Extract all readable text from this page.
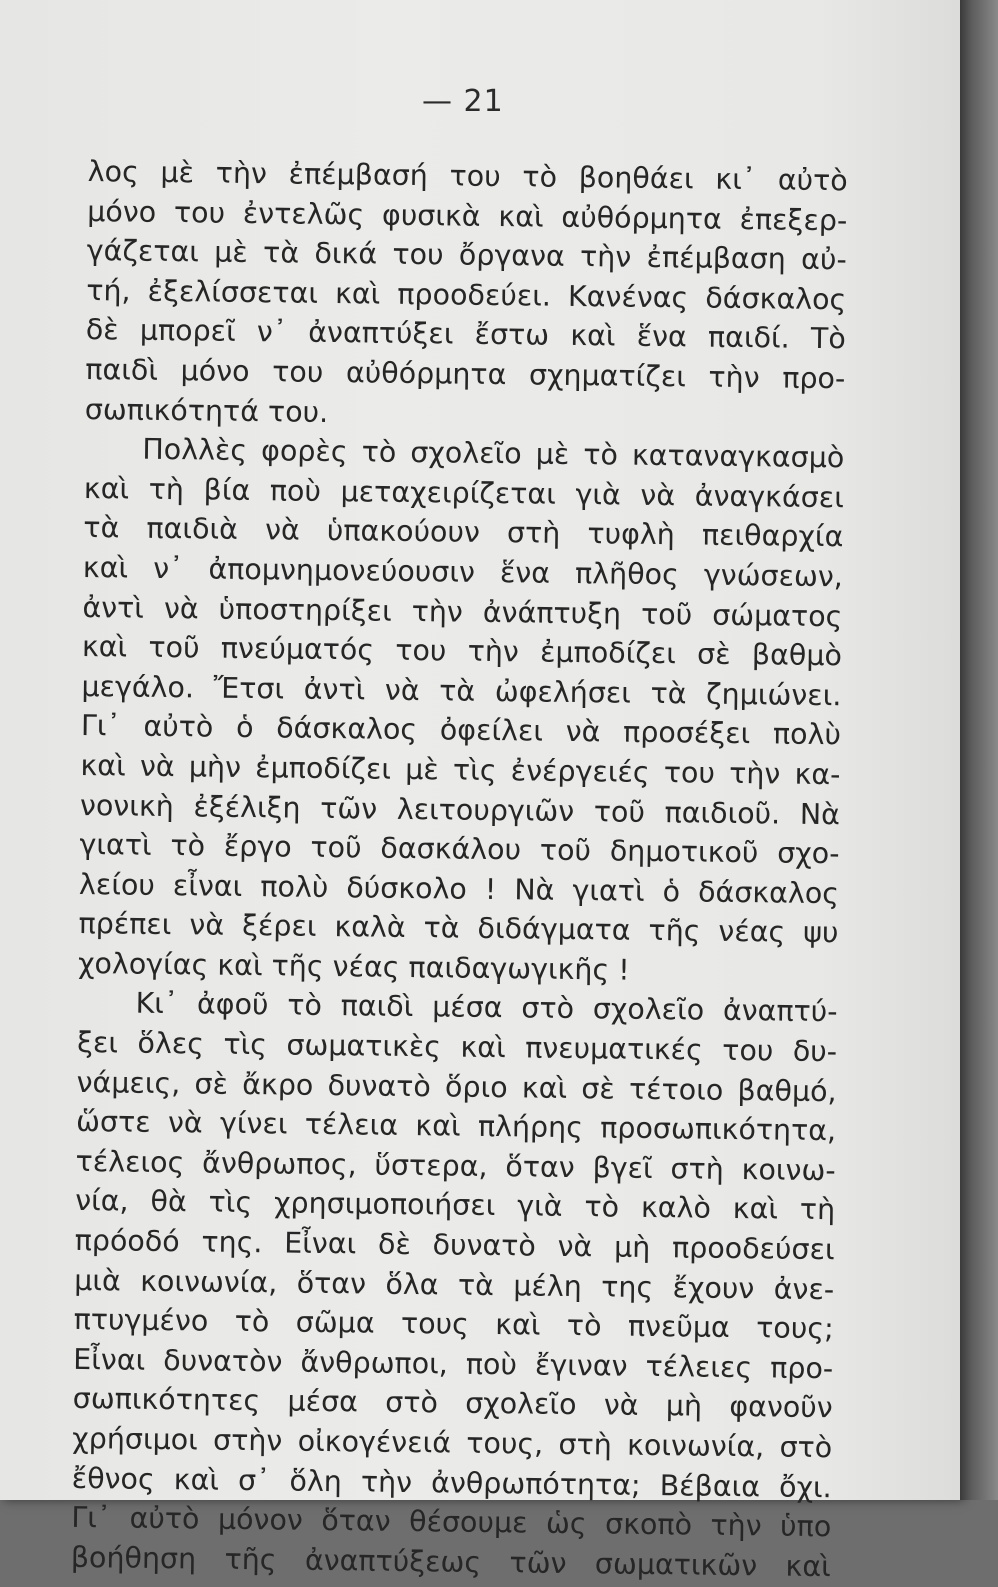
— 21
λος μὲ τὴν ἐπέμβασή του τὸ βοηθάει κι᾿ αὐτὸ
μόνο του ἐντελῶς φυσικὰ καὶ αὐθόρμητα ἐπεξερ-
γάζεται μὲ τὰ δικά του ὄργανα τὴν ἐπέμβαση αὐ-
τή, ἐξελίσσεται καὶ προοδεύει. Κανένας δάσκαλος
δὲ μπορεῖ ν᾿ ἀναπτύξει ἔστω καὶ ἕνα παιδί. Τὸ
παιδὶ μόνο του αὐθόρμητα σχηματίζει τὴν προ-
σωπικότητά του.
Πολλὲς φορὲς τὸ σχολεῖο μὲ τὸ καταναγκασμὸ
καὶ τὴ βία ποὺ μεταχειρίζεται γιὰ νὰ ἀναγκάσει
τὰ παιδιὰ νὰ ὑπακούουν στὴ τυφλὴ πειθαρχία
καὶ ν᾿ ἀπομνημονεύουσιν ἕνα πλῆθος γνώσεων,
ἀντὶ νὰ ὑποστηρίξει τὴν ἀνάπτυξη τοῦ σώματος
καὶ τοῦ πνεύματός του τὴν ἐμποδίζει σὲ βαθμὸ
μεγάλο. Ἔτσι ἀντὶ νὰ τὰ ὠφελήσει τὰ ζημιώνει.
Γι᾿ αὐτὸ ὁ δάσκαλος ὀφείλει νὰ προσέξει πολὺ
καὶ νὰ μὴν ἐμποδίζει μὲ τὶς ἐνέργειές του τὴν κα-
νονικὴ ἐξέλιξη τῶν λειτουργιῶν τοῦ παιδιοῦ. Νὰ
γιατὶ τὸ ἔργο τοῦ δασκάλου τοῦ δημοτικοῦ σχο-
λείου εἶναι πολὺ δύσκολο ! Νὰ γιατὶ ὁ δάσκαλος
πρέπει νὰ ξέρει καλὰ τὰ διδάγματα τῆς νέας ψυ
χολογίας καὶ τῆς νέας παιδαγωγικῆς !
Κι᾿ ἀφοῦ τὸ παιδὶ μέσα στὸ σχολεῖο ἀναπτύ-
ξει ὅλες τὶς σωματικὲς καὶ πνευματικές του δυ-
νάμεις, σὲ ἄκρο δυνατὸ ὅριο καὶ σὲ τέτοιο βαθμό,
ὥστε νὰ γίνει τέλεια καὶ πλήρης προσωπικότητα,
τέλειος ἄνθρωπος, ὕστερα, ὅταν βγεῖ στὴ κοινω-
νία, θὰ τὶς χρησιμοποιήσει γιὰ τὸ καλὸ καὶ τὴ
πρόοδό της. Εἶναι δὲ δυνατὸ νὰ μὴ προοδεύσει
μιὰ κοινωνία, ὅταν ὅλα τὰ μέλη της ἔχουν ἀνε-
πτυγμένο τὸ σῶμα τους καὶ τὸ πνεῦμα τους;
Εἶναι δυνατὸν ἄνθρωποι, ποὺ ἔγιναν τέλειες προ-
σωπικότητες μέσα στὸ σχολεῖο νὰ μὴ φανοῦν
χρήσιμοι στὴν οἰκογένειά τους, στὴ κοινωνία, στὸ
ἔθνος καὶ σ᾿ ὅλη τὴν ἀνθρωπότητα; Βέβαια ὄχι.
Γι᾿ αὐτὸ μόνον ὅταν θέσουμε ὡς σκοπὸ τὴν ὑπο
βοήθηση τῆς ἀναπτύξεως τῶν σωματικῶν καὶ
